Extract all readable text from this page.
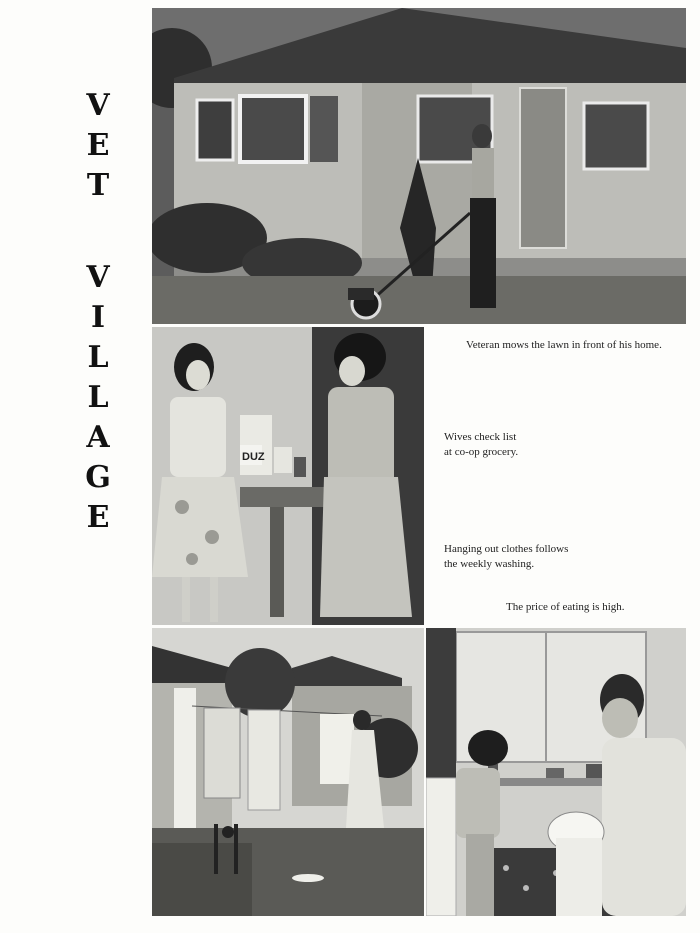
V
E
T
V
I
L
L
A
G
E
DUZ
Veteran mows the lawn in front of his home.
Wives check list
at co-op grocery.
Hanging out clothes follows
the weekly washing.
The price of eating is high.
